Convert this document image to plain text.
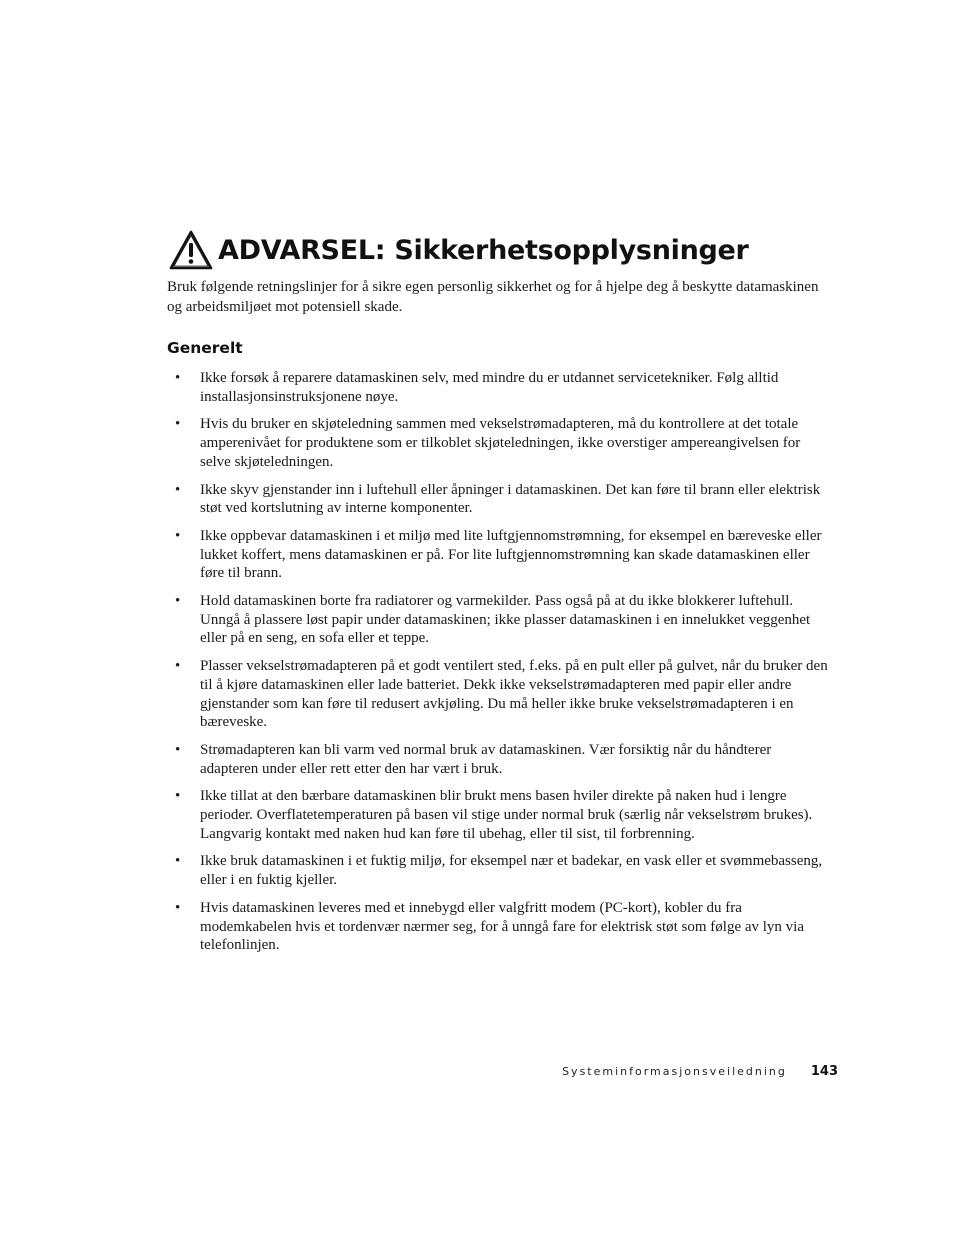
ADVARSEL: Sikkerhetsopplysninger

Bruk følgende retningslinjer for å sikre egen personlig sikkerhet og for å hjelpe deg å beskytte datamaskinen og arbeidsmiljøet mot potensiell skade.

Generelt
• Ikke forsøk å reparere datamaskinen selv, med mindre du er utdannet servicetekniker. Følg alltid installasjonsinstruksjonene nøye.
• Hvis du bruker en skjøteledning sammen med vekselstrømadapteren, må du kontrollere at det totale amperenivået for produktene som er tilkoblet skjøteledningen, ikke overstiger ampereangivelsen for selve skjøteledningen.
• Ikke skyv gjenstander inn i luftehull eller åpninger i datamaskinen. Det kan føre til brann eller elektrisk støt ved kortslutning av interne komponenter.
• Ikke oppbevar datamaskinen i et miljø med lite luftgjennomstrømning, for eksempel en bæreveske eller lukket koffert, mens datamaskinen er på. For lite luftgjennomstrømning kan skade datamaskinen eller føre til brann.
• Hold datamaskinen borte fra radiatorer og varmekilder. Pass også på at du ikke blokkerer luftehull. Unngå å plassere løst papir under datamaskinen; ikke plasser datamaskinen i en innelukket veggenhet eller på en seng, en sofa eller et teppe.
• Plasser vekselstrømadapteren på et godt ventilert sted, f.eks. på en pult eller på gulvet, når du bruker den til å kjøre datamaskinen eller lade batteriet. Dekk ikke vekselstrømadapteren med papir eller andre gjenstander som kan føre til redusert avkjøling. Du må heller ikke bruke vekselstrømadapteren i en bæreveske.
• Strømadapteren kan bli varm ved normal bruk av datamaskinen. Vær forsiktig når du håndterer adapteren under eller rett etter den har vært i bruk.
• Ikke tillat at den bærbare datamaskinen blir brukt mens basen hviler direkte på naken hud i lengre perioder. Overflatetemperaturen på basen vil stige under normal bruk (særlig når vekselstrøm brukes). Langvarig kontakt med naken hud kan føre til ubehag, eller til sist, til forbrenning.
• Ikke bruk datamaskinen i et fuktig miljø, for eksempel nær et badekar, en vask eller et svømmebasseng, eller i en fuktig kjeller.
• Hvis datamaskinen leveres med et innebygd eller valgfritt modem (PC-kort), kobler du fra modemkabelen hvis et tordenvær nærmer seg, for å unngå fare for elektrisk støt som følge av lyn via telefonlinjen.
Systeminformasjonsveiledning 143
